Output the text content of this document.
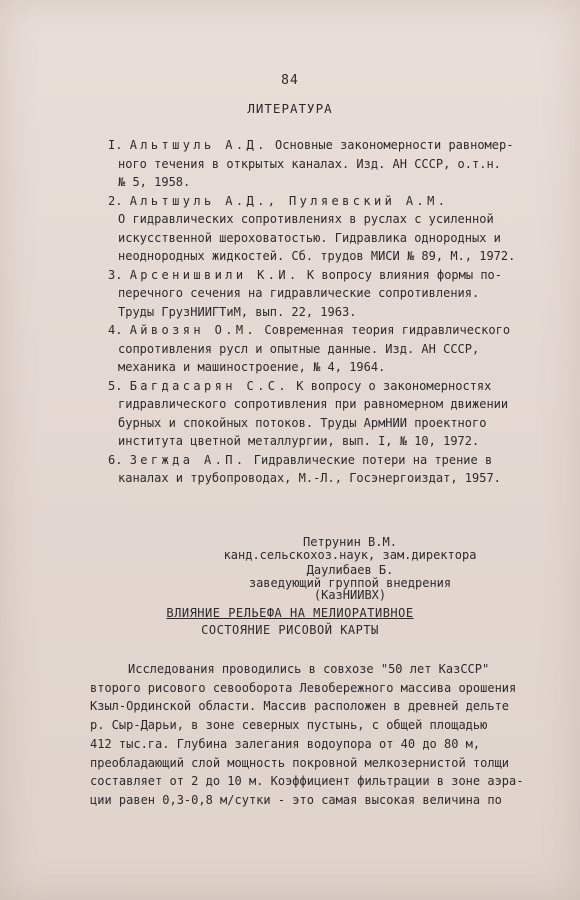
84
ЛИТЕРАТУРА
I. Альтшуль А.Д. Основные закономерности равномер-
ного течения в открытых каналах. Изд. АН СССР, о.т.н.
№ 5, 1958.
2. Альтшуль А.Д., Пуляевский А.М.
О гидравлических сопротивлениях в руслах с усиленной
искусственной шероховатостью. Гидравлика однородных и
неоднородных жидкостей. Сб. трудов МИСИ № 89, М., 1972.
3. Арсенишвили К.И. К вопросу влияния формы по-
перечного сечения на гидравлические сопротивления.
Труды ГрузНИИГТиМ, вып. 22, 1963.
4. Айвозян О.М. Современная теория гидравлического
сопротивления русл и опытные данные. Изд. АН СССР,
механика и машиностроение, № 4, 1964.
5. Багдасарян С.С. К вопросу о закономерностях
гидравлического сопротивления при равномерном движении
бурных и спокойных потоков. Труды АрмНИИ проектного
института цветной металлургии, вып. I, № 10, 1972.
6. Зегжда А.П. Гидравлические потери на трение в
каналах и трубопроводах, М.-Л., Госэнергоиздат, 1957.
Петрунин В.М.
канд.сельскохоз.наук, зам.директора
Даулибаев Б.
заведующий группой внедрения
(КазНИИВХ)
ВЛИЯНИЕ РЕЛЬЕФА НА МЕЛИОРАТИВНОЕ
СОСТОЯНИЕ РИСОВОЙ КАРТЫ
Исследования проводились в совхозе "50 лет КазССР"
второго рисового севооборота Левобережного массива орошения
Кзыл-Ординской области. Массив расположен в древней дельте
р. Сыр-Дарьи, в зоне северных пустынь, с общей площадью
412 тыс.га. Глубина залегания водоупора от 40 до 80 м,
преобладающий слой мощность покровной мелкозернистой толщи
составляет от 2 до 10 м. Коэффициент фильтрации в зоне аэра-
ции равен 0,3-0,8 м/сутки - это самая высокая величина по
